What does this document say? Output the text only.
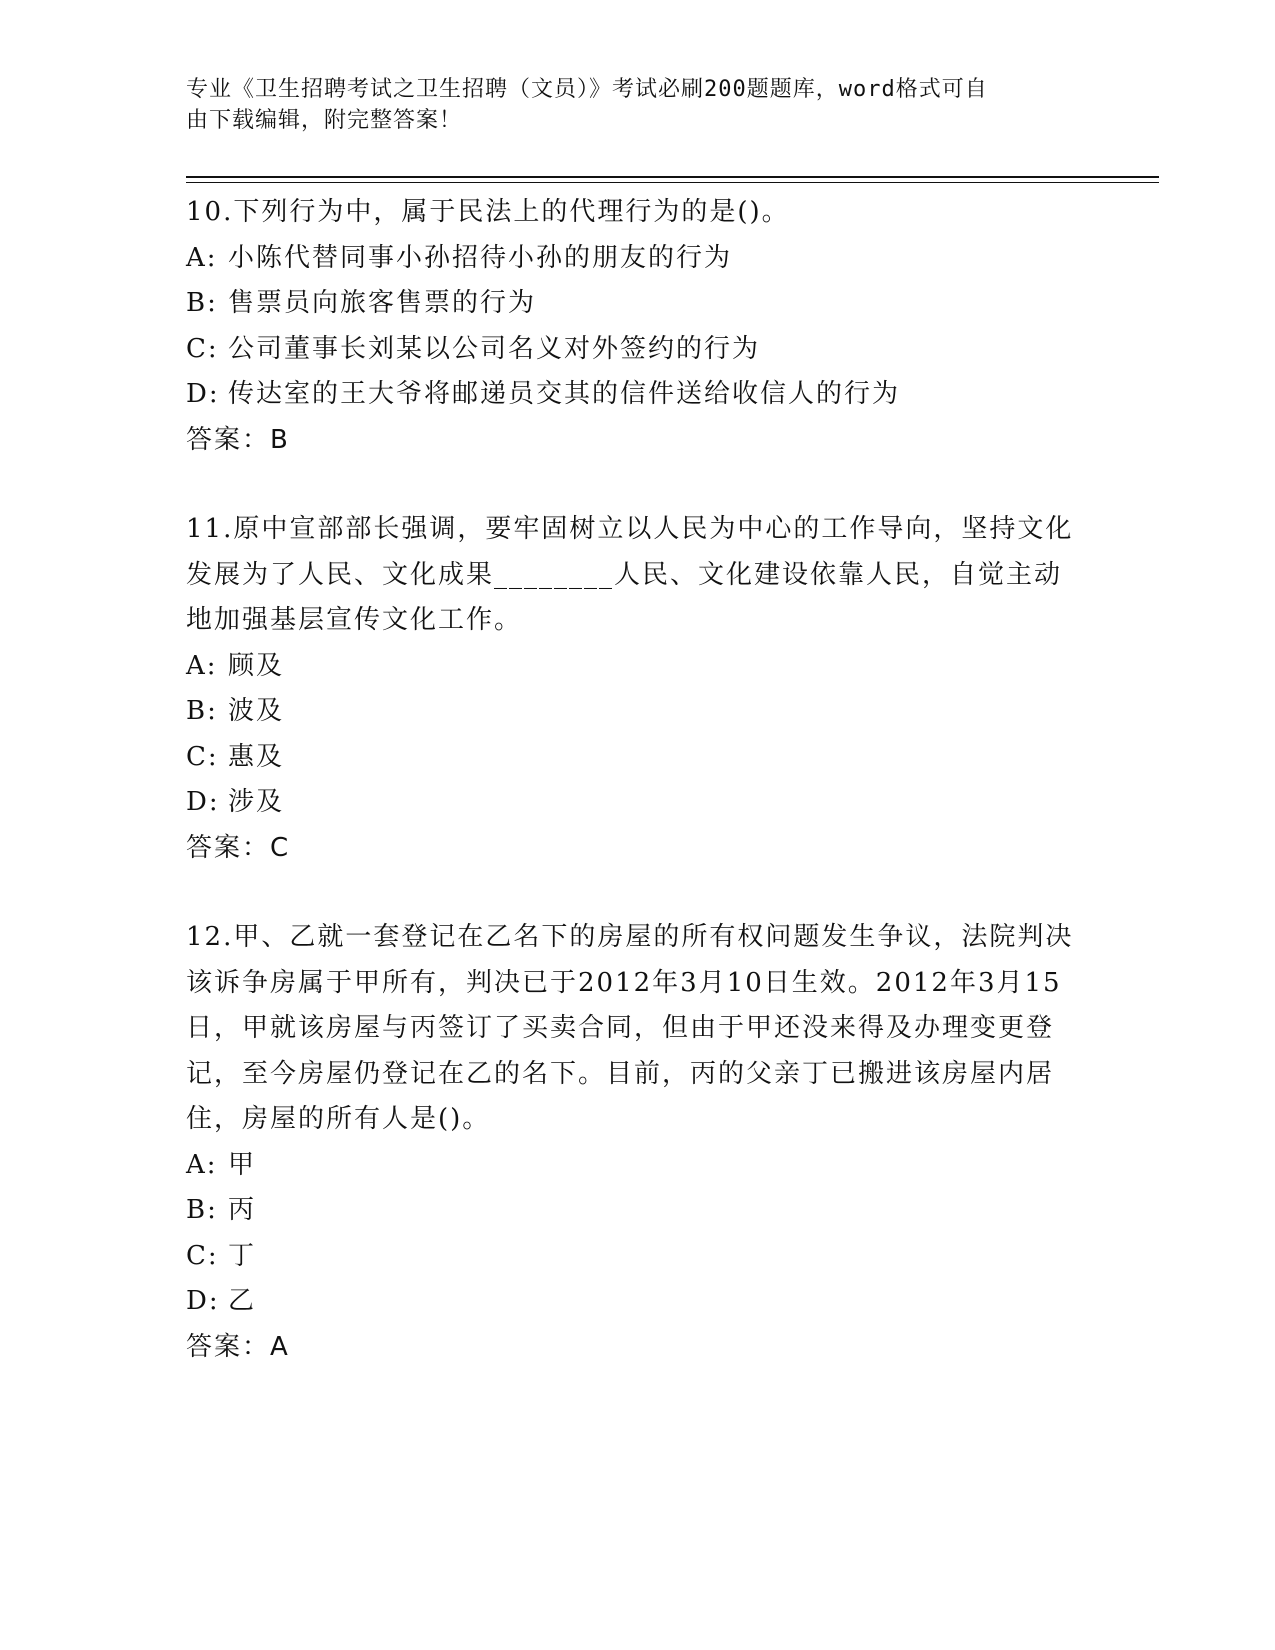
专业《卫生招聘考试之卫生招聘（文员）》考试必刷200题题库，word格式可自
由下载编辑，附完整答案！

10.下列行为中，属于民法上的代理行为的是()。

A: 小陈代替同事小孙招待小孙的朋友的行为

B: 售票员向旅客售票的行为

C: 公司董事长刘某以公司名义对外签约的行为

D: 传达室的王大爷将邮递员交其的信件送给收信人的行为

答案：B

11.原中宣部部长强调，要牢固树立以人民为中心的工作导向，坚持文化发展为了人民、文化成果________人民、文化建设依靠人民，自觉主动地加强基层宣传文化工作。

A: 顾及

B: 波及

C: 惠及

D: 涉及

答案：C

12.甲、乙就一套登记在乙名下的房屋的所有权问题发生争议，法院判决该诉争房属于甲所有，判决已于2012年3月10日生效。2012年3月15日，甲就该房屋与丙签订了买卖合同，但由于甲还没来得及办理变更登记，至今房屋仍登记在乙的名下。目前，丙的父亲丁已搬进该房屋内居住，房屋的所有人是()。

A: 甲

B: 丙

C: 丁

D: 乙

答案：A
